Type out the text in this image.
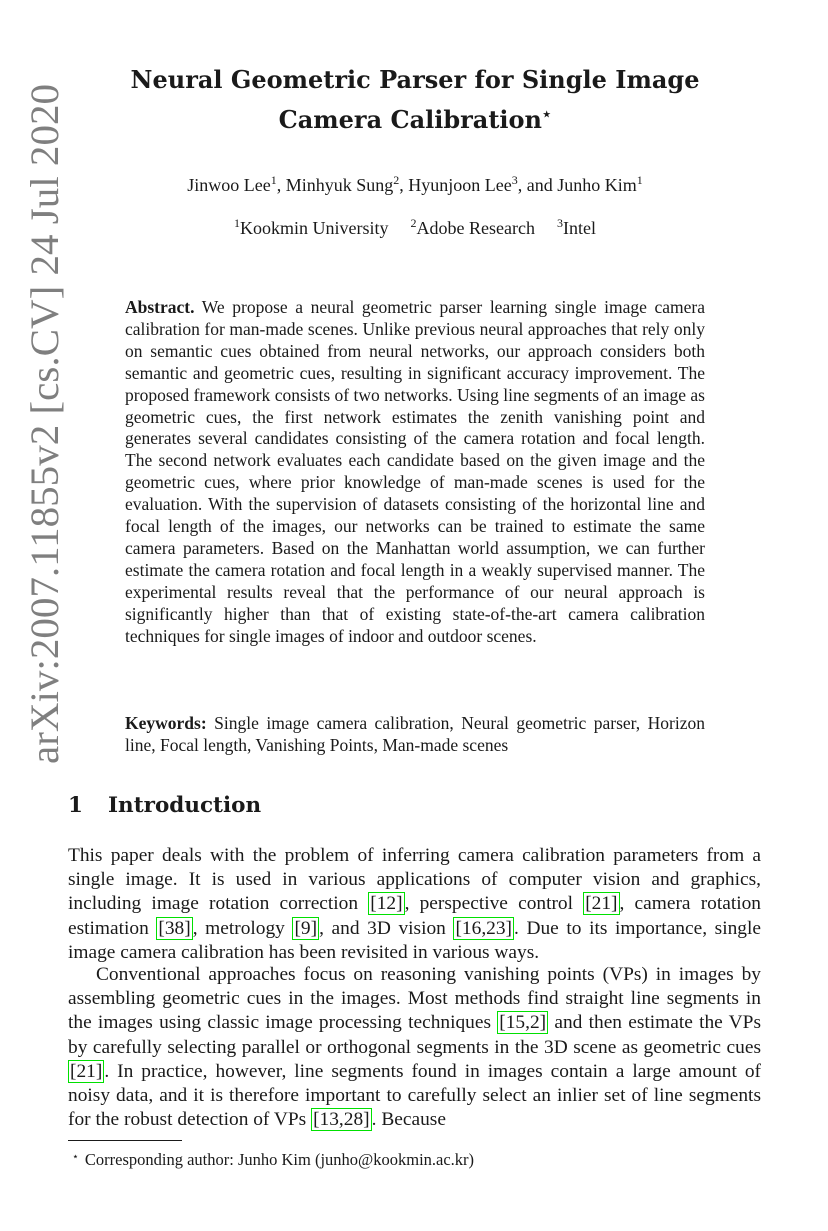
arXiv:2007.11855v2 [cs.CV] 24 Jul 2020
Neural Geometric Parser for Single Image
Camera Calibration⋆
Jinwoo Lee$^1$, Minhyuk Sung$^2$, Hyunjoon Lee$^3$, and Junho Kim$^1$
$^1$Kookmin University $^2$Adobe Research $^3$Intel
Abstract. We propose a neural geometric parser learning single image camera calibration for man-made scenes. Unlike previous neural approaches that rely only on semantic cues obtained from neural networks, our approach considers both semantic and geometric cues, resulting in significant accuracy improvement. The proposed framework consists of two networks. Using line segments of an image as geometric cues, the first network estimates the zenith vanishing point and generates several candidates consisting of the camera rotation and focal length. The second network evaluates each candidate based on the given image and the geometric cues, where prior knowledge of man-made scenes is used for the evaluation. With the supervision of datasets consisting of the horizontal line and focal length of the images, our networks can be trained to estimate the same camera parameters. Based on the Manhattan world assumption, we can further estimate the camera rotation and focal length in a weakly supervised manner. The experimental results reveal that the performance of our neural approach is significantly higher than that of existing state-of-the-art camera calibration techniques for single images of indoor and outdoor scenes.
Keywords: Single image camera calibration, Neural geometric parser, Horizon line, Focal length, Vanishing Points, Man-made scenes
1 Introduction
This paper deals with the problem of inferring camera calibration parameters from a single image. It is used in various applications of computer vision and graphics, including image rotation correction [12] , perspective control [21] , camera rotation estimation [38] , metrology [9] , and 3D vision [16,23] . Due to its importance, single image camera calibration has been revisited in various ways.
Conventional approaches focus on reasoning vanishing points (VPs) in images by assembling geometric cues in the images. Most methods find straight line segments in the images using classic image processing techniques [15,2] and then estimate the VPs by carefully selecting parallel or orthogonal segments in the 3D scene as geometric cues [21] . In practice, however, line segments found in images contain a large amount of noisy data, and it is therefore important to carefully select an inlier set of line segments for the robust detection of VPs [13,28] . Because
⋆ Corresponding author: Junho Kim (junho@kookmin.ac.kr)
